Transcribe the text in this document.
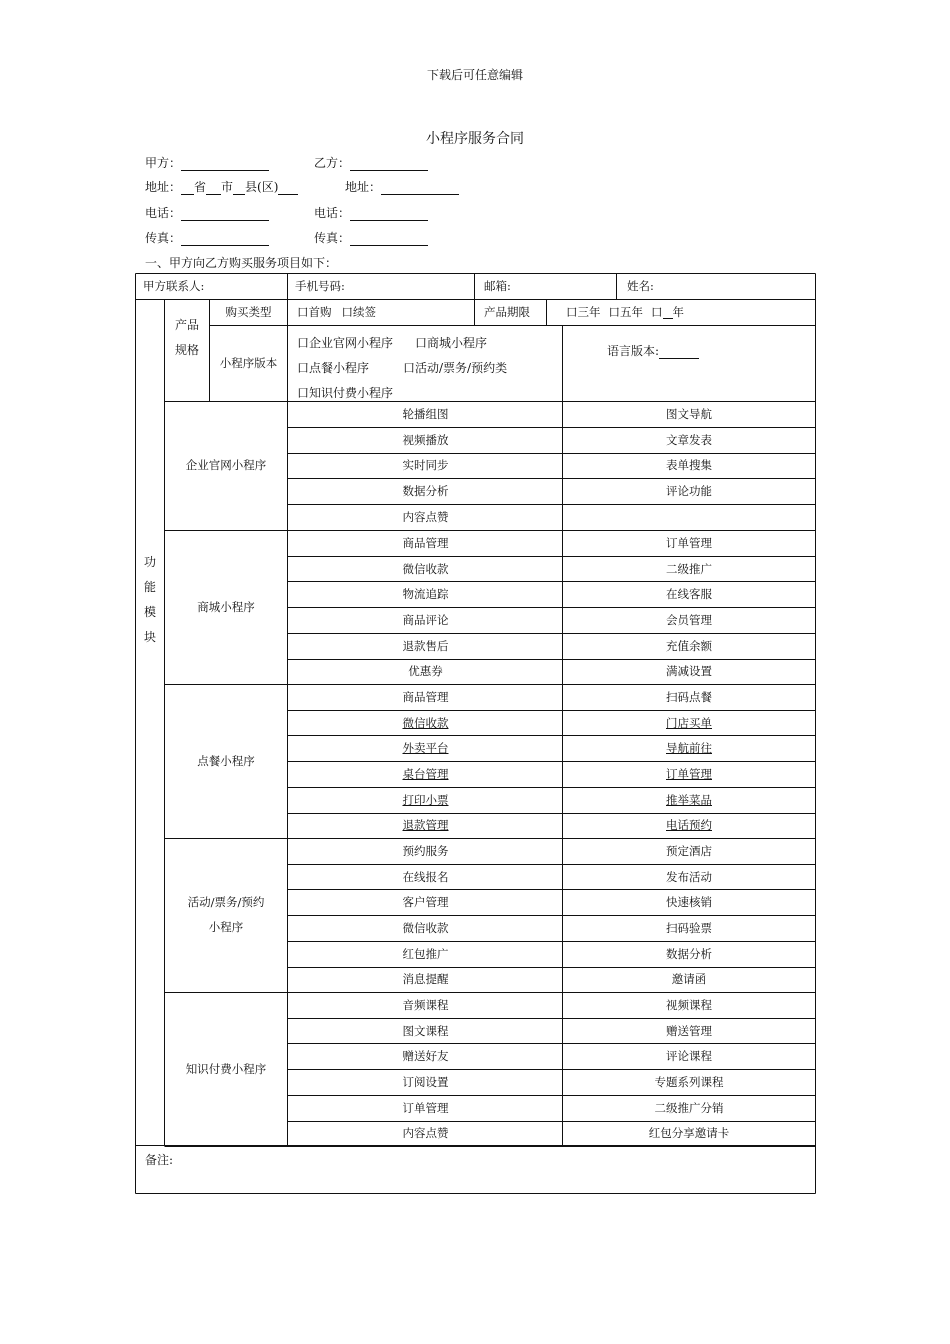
下载后可任意编辑
小程序服务合同
甲方：	乙方：
地址： 省 市 县(区)	地址：
电话：	电话：
传真：	传真：
一、甲方向乙方购买服务项目如下：
甲方联系人:	手机号码:	邮箱:	姓名:
功
能
模
块
产品
规格
购买类型	口首购 口续签	产品期限	口三年 口五年 口 年
小程序版本
口企业官网小程序 口商城小程序
口点餐小程序	口活动/票务/预约类
口知识付费小程序
语言版本:
企业官网小程序
轮播组图	图文导航
视频播放	文章发表
实时同步	表单搜集
数据分析	评论功能
内容点赞
商城小程序
商品管理	订单管理
微信收款	二级推广
物流追踪	在线客服
商品评论	会员管理
退款售后	充值余额
优惠券	满减设置
点餐小程序
商品管理	扫码点餐
微信收款	门店买单
外卖平台	导航前往
桌台管理	订单管理
打印小票	推举菜品
退款管理	电话预约
活动/票务/预约
小程序
预约服务	预定酒店
在线报名	发布活动
客户管理	快速核销
微信收款	扫码验票
红包推广	数据分析
消息提醒	邀请函
知识付费小程序
音频课程	视频课程
图文课程	赠送管理
赠送好友	评论课程
订阅设置	专题系列课程
订单管理	二级推广分销
内容点赞	红包分享邀请卡
备注:
